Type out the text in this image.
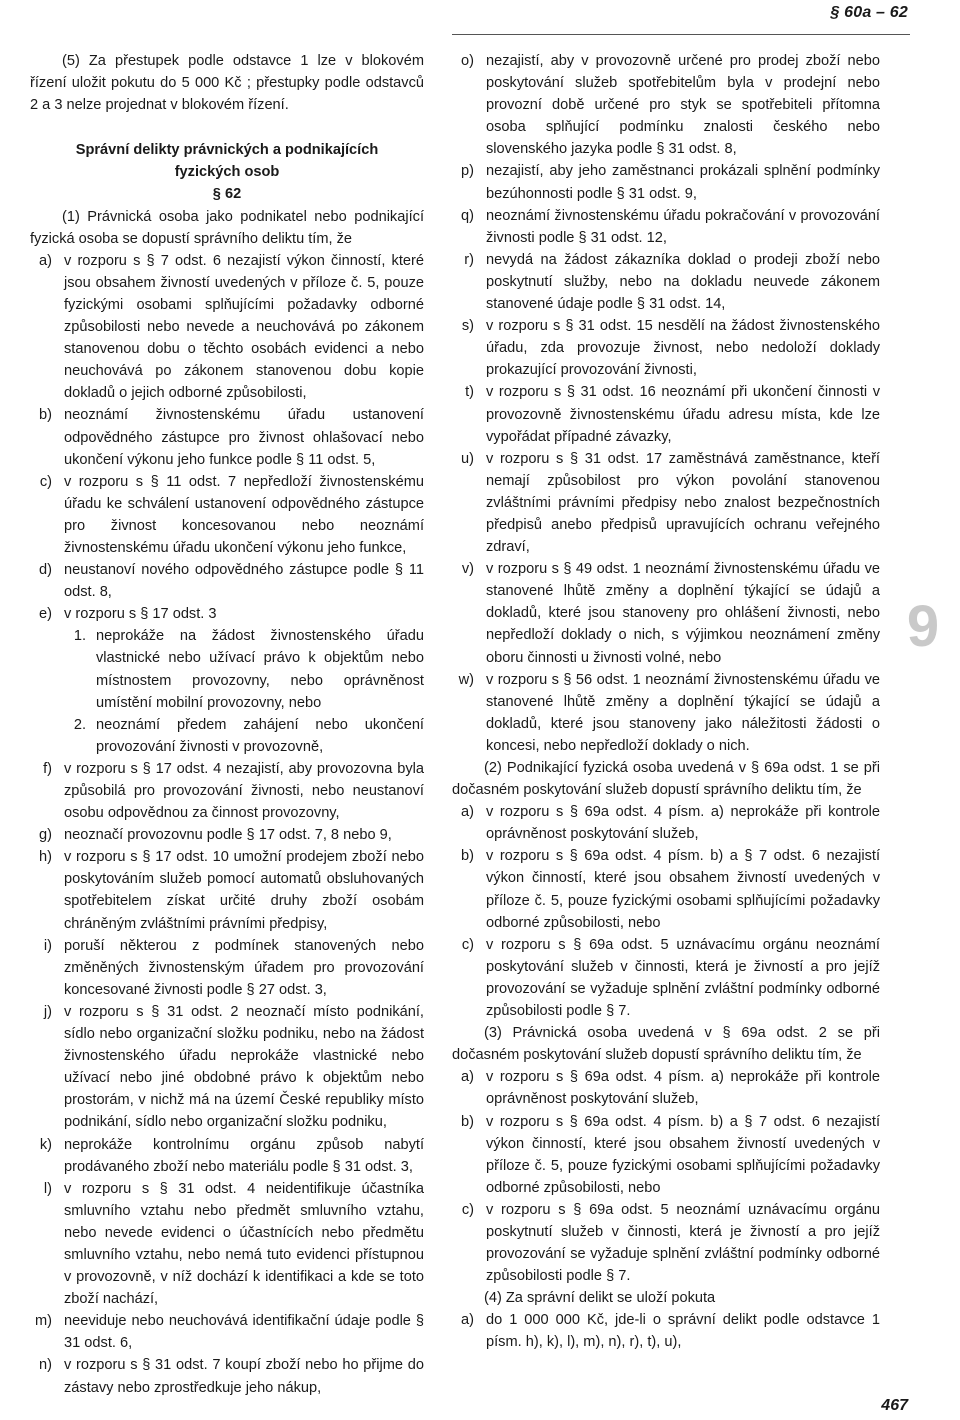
§ 60a – 62

(5) Za přestupek podle odstavce 1 lze v blokovém řízení uložit pokutu do 5 000 Kč ; přestupky podle odstavců 2 a 3 nelze projednat v blokovém řízení.

Správní delikty právnických a podnikajících

fyzických osob

§ 62

(1) Právnická osoba jako podnikatel nebo podnikající fyzická osoba se dopustí správního deliktu tím, že

a) v rozporu s § 7 odst. 6 nezajistí výkon činností, které jsou obsahem živností uvedených v příloze č. 5, pouze fyzickými osobami splňujícími požadavky odborné způsobilosti nebo nevede a neuchovává po zákonem stanovenou dobu o těchto osobách evidenci a nebo neuchovává po zákonem stanovenou dobu kopie dokladů o jejich odborné způsobilosti,
b) neoznámí živnostenskému úřadu ustanovení odpovědného zástupce pro živnost ohlašovací nebo ukončení výkonu jeho funkce podle § 11 odst. 5,
c) v rozporu s § 11 odst. 7 nepředloží živnostenskému úřadu ke schválení ustanovení odpovědného zástupce pro živnost koncesovanou nebo neoznámí živnostenskému úřadu ukončení výkonu jeho funkce,
d) neustanoví nového odpovědného zástupce podle § 11 odst. 8,
e) v rozporu s § 17 odst. 3
1. neprokáže na žádost živnostenského úřadu vlastnické nebo užívací právo k objektům nebo místnostem provozovny, nebo oprávněnost umístění mobilní provozovny, nebo
2. neoznámí předem zahájení nebo ukončení provozování živnosti v provozovně,
f) v rozporu s § 17 odst. 4 nezajistí, aby provozovna byla způsobilá pro provozování živnosti, nebo neustanoví osobu odpovědnou za činnost provozovny,
g) neoznačí provozovnu podle § 17 odst. 7, 8 nebo 9,
h) v rozporu s § 17 odst. 10 umožní prodejem zboží nebo poskytováním služeb pomocí automatů obsluhovaných spotřebitelem získat určité druhy zboží osobám chráněným zvláštními právními předpisy,
i) poruší některou z podmínek stanovených nebo změněných živnostenským úřadem pro provozování koncesované živnosti podle § 27 odst. 3,
j) v rozporu s § 31 odst. 2 neoznačí místo podnikání, sídlo nebo organizační složku podniku, nebo na žádost živnostenského úřadu neprokáže vlastnické nebo užívací nebo jiné obdobné právo k objektům nebo prostorám, v nichž má na území České republiky místo podnikání, sídlo nebo organizační složku podniku,
k) neprokáže kontrolnímu orgánu způsob nabytí prodávaného zboží nebo materiálu podle § 31 odst. 3,
l) v rozporu s § 31 odst. 4 neidentifikuje účastníka smluvního vztahu nebo předmět smluvního vztahu, nebo nevede evidenci o účastnících nebo předmětu smluvního vztahu, nebo nemá tuto evidenci přístupnou v provozovně, v níž dochází k identifikaci a kde se toto zboží nachází,
m) neeviduje nebo neuchovává identifikační údaje podle § 31 odst. 6,
n) v rozporu s § 31 odst. 7 koupí zboží nebo ho přijme do zástavy nebo zprostředkuje jeho nákup,
o) nezajistí, aby v provozovně určené pro prodej zboží nebo poskytování služeb spotřebitelům byla v prodejní nebo provozní době určené pro styk se spotřebiteli přítomna osoba splňující podmínku znalosti českého nebo slovenského jazyka podle § 31 odst. 8,
p) nezajistí, aby jeho zaměstnanci prokázali splnění podmínky bezúhonnosti podle § 31 odst. 9,
q) neoznámí živnostenskému úřadu pokračování v provozování živnosti podle § 31 odst. 12,
r) nevydá na žádost zákazníka doklad o prodeji zboží nebo poskytnutí služby, nebo na dokladu neuvede zákonem stanovené údaje podle § 31 odst. 14,
s) v rozporu s § 31 odst. 15 nesdělí na žádost živnostenského úřadu, zda provozuje živnost, nebo nedoloží doklady prokazující provozování živnosti,
t) v rozporu s § 31 odst. 16 neoznámí při ukončení činnosti v provozovně živnostenskému úřadu adresu místa, kde lze vypořádat případné závazky,
u) v rozporu s § 31 odst. 17 zaměstnává zaměstnance, kteří nemají způsobilost pro výkon povolání stanovenou zvláštními právními předpisy nebo znalost bezpečnostních předpisů anebo předpisů upravujících ochranu veřejného zdraví,
v) v rozporu s § 49 odst. 1 neoznámí živnostenskému úřadu ve stanovené lhůtě změny a doplnění týkající se údajů a dokladů, které jsou stanoveny pro ohlášení živnosti, nebo nepředloží doklady o nich, s výjimkou neoznámení změny oboru činnosti u živnosti volné, nebo
w) v rozporu s § 56 odst. 1 neoznámí živnostenskému úřadu ve stanovené lhůtě změny a doplnění týkající se údajů a dokladů, které jsou stanoveny jako náležitosti žádosti o koncesi, nebo nepředloží doklady o nich.

(2) Podnikající fyzická osoba uvedená v § 69a odst. 1 se při dočasném poskytování služeb dopustí správního deliktu tím, že

a) v rozporu s § 69a odst. 4 písm. a) neprokáže při kontrole oprávněnost poskytování služeb,
b) v rozporu s § 69a odst. 4 písm. b) a § 7 odst. 6 nezajistí výkon činností, které jsou obsahem živností uvedených v příloze č. 5, pouze fyzickými osobami splňujícími požadavky odborné způsobilosti, nebo
c) v rozporu s § 69a odst. 5 uznávacímu orgánu neoznámí poskytování služeb v činnosti, která je živností a pro jejíž provozování se vyžaduje splnění zvláštní podmínky odborné způsobilosti podle § 7.

(3) Právnická osoba uvedená v § 69a odst. 2 se při dočasném poskytování služeb dopustí správního deliktu tím, že

a) v rozporu s § 69a odst. 4 písm. a) neprokáže při kontrole oprávněnost poskytování služeb,
b) v rozporu s § 69a odst. 4 písm. b) a § 7 odst. 6 nezajistí výkon činností, které jsou obsahem živností uvedených v příloze č. 5, pouze fyzickými osobami splňujícími požadavky odborné způsobilosti, nebo
c) v rozporu s § 69a odst. 5 neoznámí uznávacímu orgánu poskytnutí služeb v činnosti, která je živností a pro jejíž provozování se vyžaduje splnění zvláštní podmínky odborné způsobilosti podle § 7.

(4) Za správní delikt se uloží pokuta

a) do 1 000 000 Kč, jde-li o správní delikt podle odstavce 1 písm. h), k), l), m), n), r), t), u),
9
467
